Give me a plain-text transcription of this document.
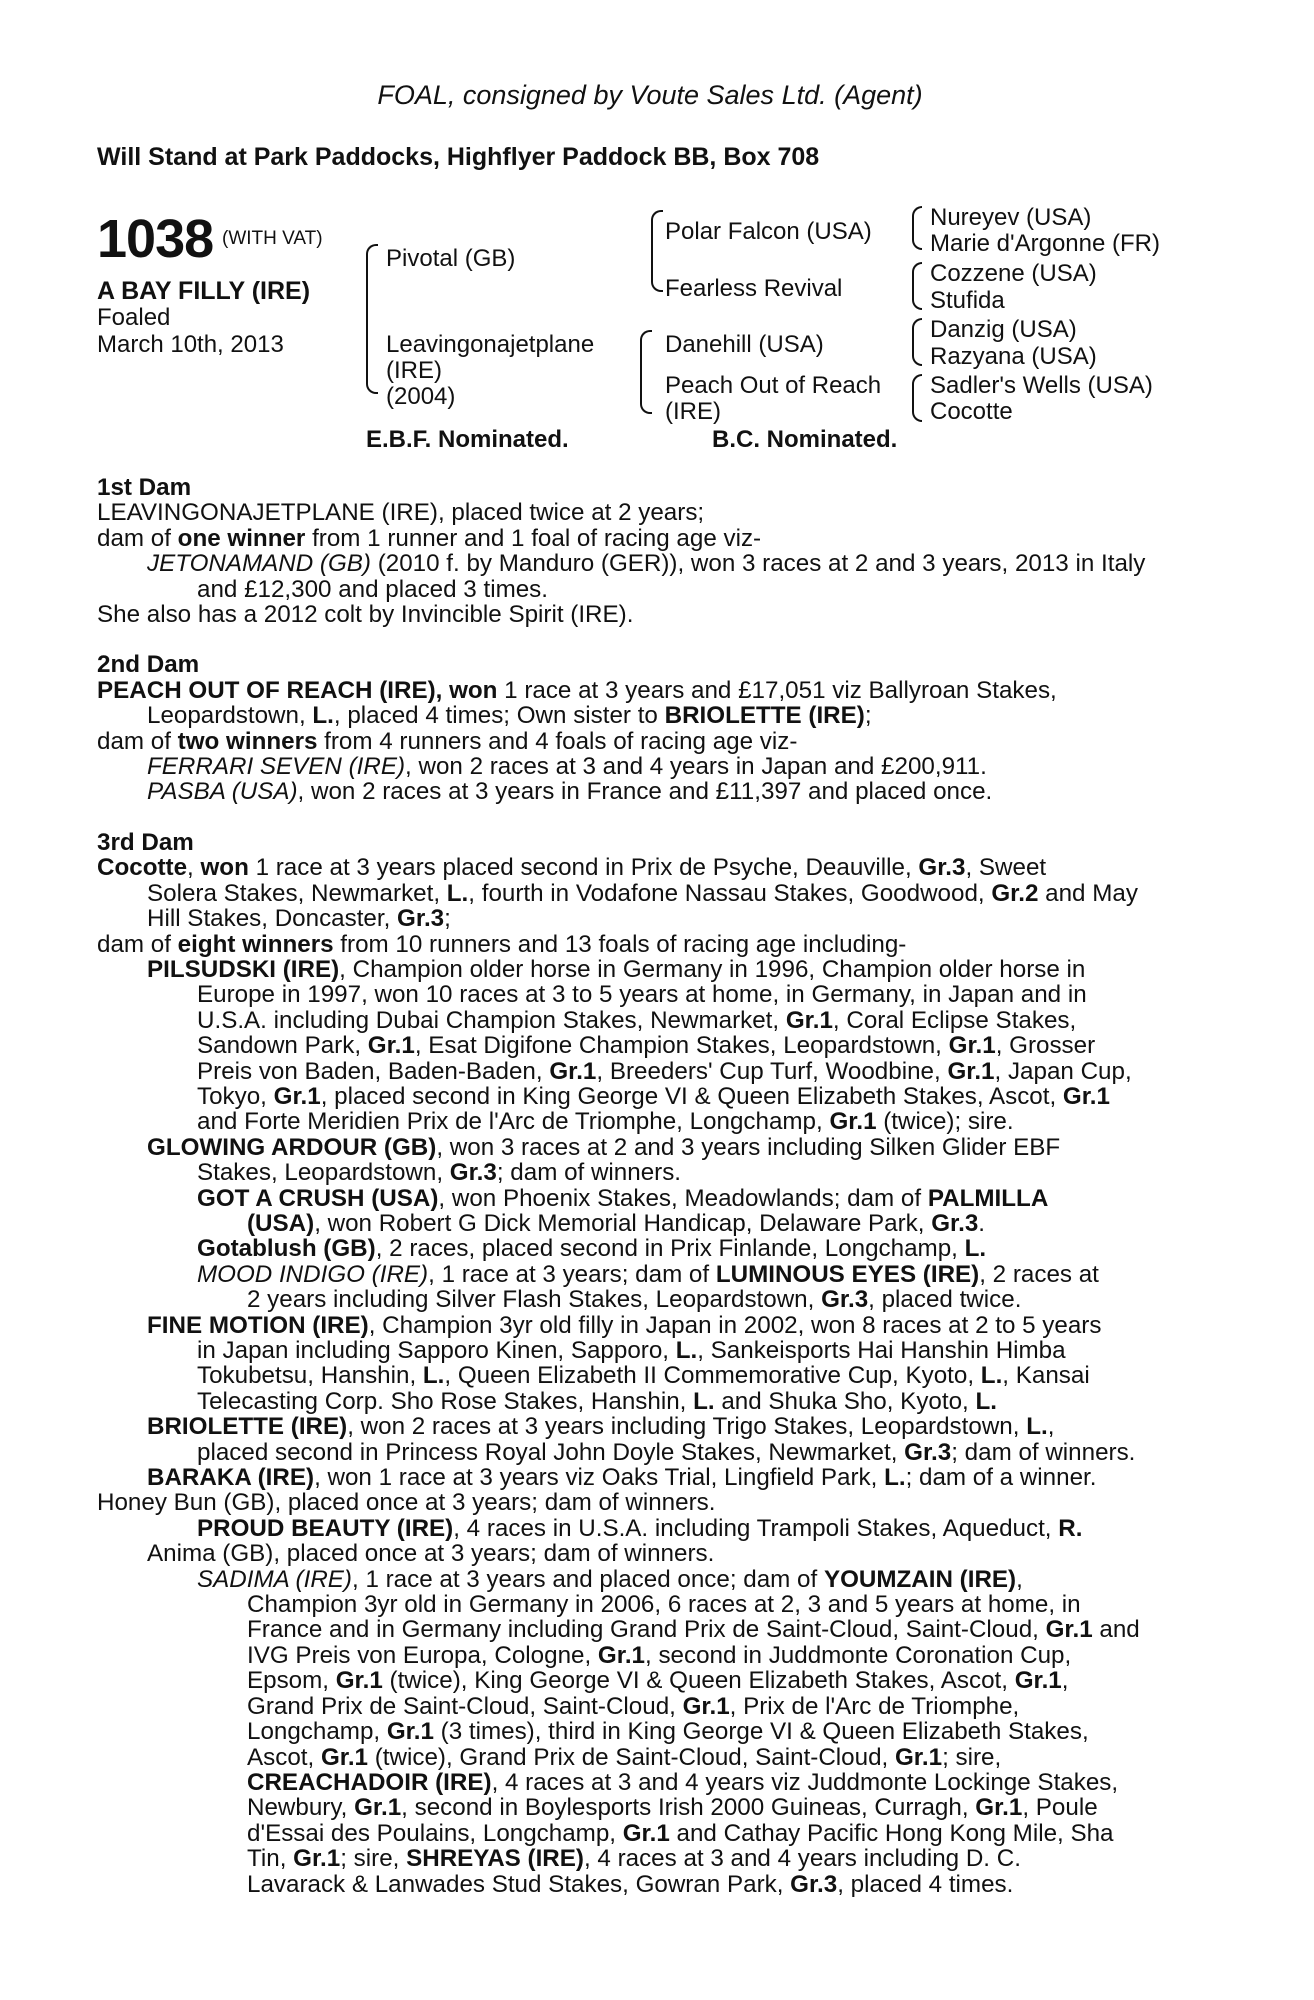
FOAL, consigned by Voute Sales Ltd. (Agent)
Will Stand at Park Paddocks, Highflyer Paddock BB, Box 708
1038 (WITH VAT)
A BAY FILLY (IRE)
Foaled
March 10th, 2013
Pivotal (GB)
Leavingonajetplane
(IRE)
(2004)
Polar Falcon (USA)
Fearless Revival
Danehill (USA)
Peach Out of Reach
(IRE)
Nureyev (USA)
Marie d'Argonne (FR)
Cozzene (USA)
Stufida
Danzig (USA)
Razyana (USA)
Sadler's Wells (USA)
Cocotte
E.B.F. Nominated.	B.C. Nominated.

1st Dam

LEAVINGONAJETPLANE (IRE), placed twice at 2 years;

dam of one winner from 1 runner and 1 foal of racing age viz-

JETONAMAND (GB) (2010 f. by Manduro (GER)), won 3 races at 2 and 3 years, 2013 in Italy

and £12,300 and placed 3 times.

She also has a 2012 colt by Invincible Spirit (IRE).

2nd Dam

PEACH OUT OF REACH (IRE), won 1 race at 3 years and £17,051 viz Ballyroan Stakes,

Leopardstown, L., placed 4 times; Own sister to BRIOLETTE (IRE);

dam of two winners from 4 runners and 4 foals of racing age viz-

FERRARI SEVEN (IRE), won 2 races at 3 and 4 years in Japan and £200,911.

PASBA (USA), won 2 races at 3 years in France and £11,397 and placed once.

3rd Dam

Cocotte, won 1 race at 3 years placed second in Prix de Psyche, Deauville, Gr.3, Sweet

Solera Stakes, Newmarket, L., fourth in Vodafone Nassau Stakes, Goodwood, Gr.2 and May

Hill Stakes, Doncaster, Gr.3;

dam of eight winners from 10 runners and 13 foals of racing age including-

PILSUDSKI (IRE), Champion older horse in Germany in 1996, Champion older horse in

Europe in 1997, won 10 races at 3 to 5 years at home, in Germany, in Japan and in

U.S.A. including Dubai Champion Stakes, Newmarket, Gr.1, Coral Eclipse Stakes,

Sandown Park, Gr.1, Esat Digifone Champion Stakes, Leopardstown, Gr.1, Grosser

Preis von Baden, Baden-Baden, Gr.1, Breeders' Cup Turf, Woodbine, Gr.1, Japan Cup,

Tokyo, Gr.1, placed second in King George VI & Queen Elizabeth Stakes, Ascot, Gr.1

and Forte Meridien Prix de l'Arc de Triomphe, Longchamp, Gr.1 (twice); sire.

GLOWING ARDOUR (GB), won 3 races at 2 and 3 years including Silken Glider EBF

Stakes, Leopardstown, Gr.3; dam of winners.

GOT A CRUSH (USA), won Phoenix Stakes, Meadowlands; dam of PALMILLA

(USA), won Robert G Dick Memorial Handicap, Delaware Park, Gr.3.

Gotablush (GB), 2 races, placed second in Prix Finlande, Longchamp, L.

MOOD INDIGO (IRE), 1 race at 3 years; dam of LUMINOUS EYES (IRE), 2 races at

2 years including Silver Flash Stakes, Leopardstown, Gr.3, placed twice.

FINE MOTION (IRE), Champion 3yr old filly in Japan in 2002, won 8 races at 2 to 5 years

in Japan including Sapporo Kinen, Sapporo, L., Sankeisports Hai Hanshin Himba

Tokubetsu, Hanshin, L., Queen Elizabeth II Commemorative Cup, Kyoto, L., Kansai

Telecasting Corp. Sho Rose Stakes, Hanshin, L. and Shuka Sho, Kyoto, L.

BRIOLETTE (IRE), won 2 races at 3 years including Trigo Stakes, Leopardstown, L.,

placed second in Princess Royal John Doyle Stakes, Newmarket, Gr.3; dam of winners.

BARAKA (IRE), won 1 race at 3 years viz Oaks Trial, Lingfield Park, L.; dam of a winner.

Honey Bun (GB), placed once at 3 years; dam of winners.

PROUD BEAUTY (IRE), 4 races in U.S.A. including Trampoli Stakes, Aqueduct, R.

Anima (GB), placed once at 3 years; dam of winners.

SADIMA (IRE), 1 race at 3 years and placed once; dam of YOUMZAIN (IRE),

Champion 3yr old in Germany in 2006, 6 races at 2, 3 and 5 years at home, in

France and in Germany including Grand Prix de Saint-Cloud, Saint-Cloud, Gr.1 and

IVG Preis von Europa, Cologne, Gr.1, second in Juddmonte Coronation Cup,

Epsom, Gr.1 (twice), King George VI & Queen Elizabeth Stakes, Ascot, Gr.1,

Grand Prix de Saint-Cloud, Saint-Cloud, Gr.1, Prix de l'Arc de Triomphe,

Longchamp, Gr.1 (3 times), third in King George VI & Queen Elizabeth Stakes,

Ascot, Gr.1 (twice), Grand Prix de Saint-Cloud, Saint-Cloud, Gr.1; sire,

CREACHADOIR (IRE), 4 races at 3 and 4 years viz Juddmonte Lockinge Stakes,

Newbury, Gr.1, second in Boylesports Irish 2000 Guineas, Curragh, Gr.1, Poule

d'Essai des Poulains, Longchamp, Gr.1 and Cathay Pacific Hong Kong Mile, Sha

Tin, Gr.1; sire, SHREYAS (IRE), 4 races at 3 and 4 years including D. C.

Lavarack & Lanwades Stud Stakes, Gowran Park, Gr.3, placed 4 times.
